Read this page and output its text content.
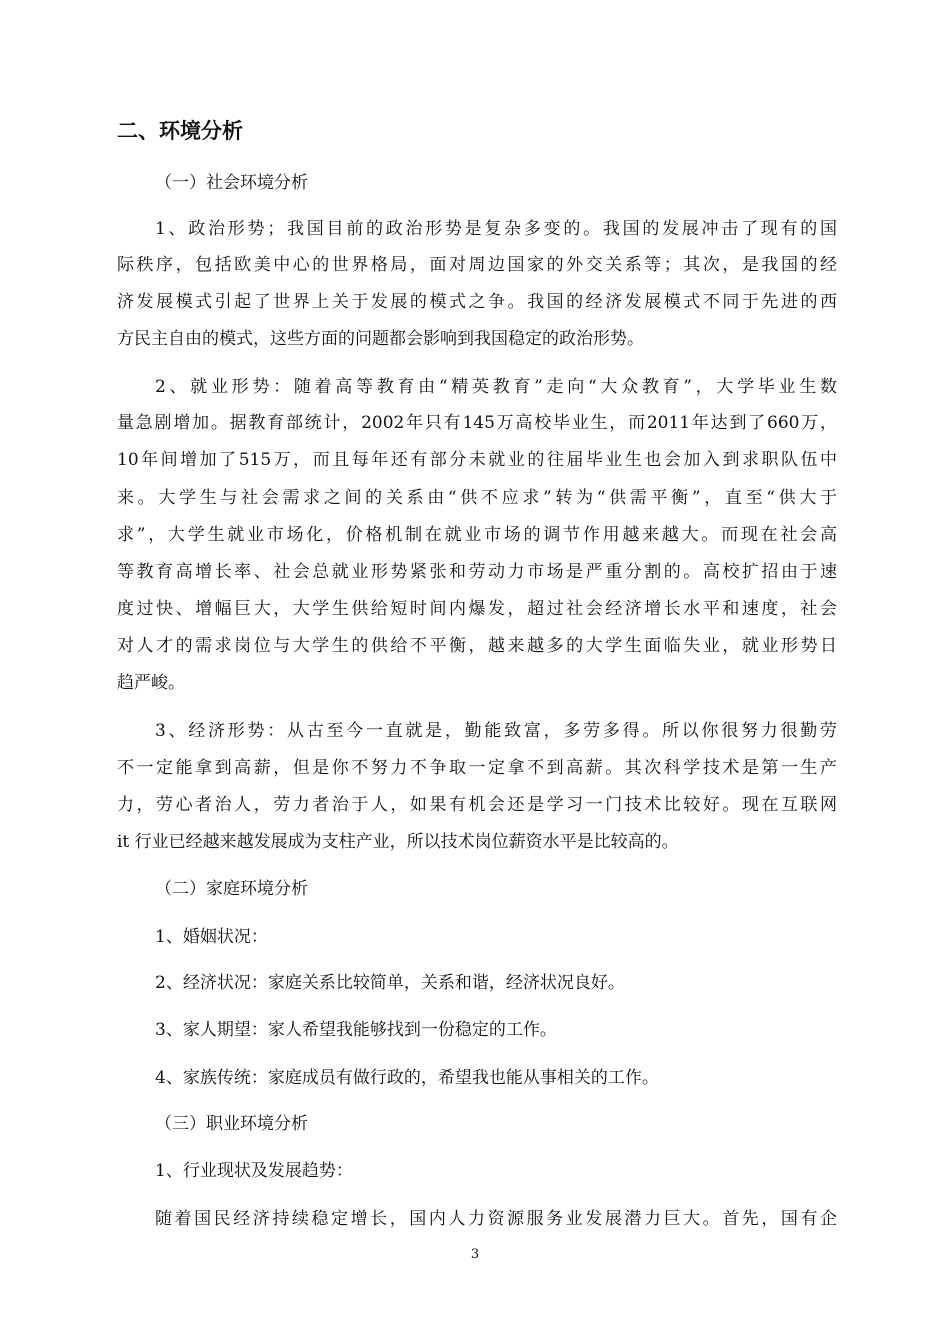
二、环境分析

（一）社会环境分析

1、政治形势；我国目前的政治形势是复杂多变的。我国的发展冲击了现有的国

际秩序，包括欧美中心的世界格局，面对周边国家的外交关系等；其次，是我国的经

济发展模式引起了世界上关于发展的模式之争。我国的经济发展模式不同于先进的西

方民主自由的模式，这些方面的问题都会影响到我国稳定的政治形势。

2、就业形势：随着高等教育由“精英教育”走向“大众教育”，大学毕业生数

量急剧增加。据教育部统计，2002年只有145万高校毕业生，而2011年达到了660万，

10年间增加了515万，而且每年还有部分未就业的往届毕业生也会加入到求职队伍中

来。大学生与社会需求之间的关系由“供不应求”转为“供需平衡”，直至“供大于

求”，大学生就业市场化，价格机制在就业市场的调节作用越来越大。而现在社会高

等教育高增长率、社会总就业形势紧张和劳动力市场是严重分割的。高校扩招由于速

度过快、增幅巨大，大学生供给短时间内爆发，超过社会经济增长水平和速度，社会

对人才的需求岗位与大学生的供给不平衡，越来越多的大学生面临失业，就业形势日

趋严峻。

3、经济形势：从古至今一直就是，勤能致富，多劳多得。所以你很努力很勤劳

不一定能拿到高薪，但是你不努力不争取一定拿不到高薪。其次科学技术是第一生产

力，劳心者治人，劳力者治于人，如果有机会还是学习一门技术比较好。现在互联网

it 行业已经越来越发展成为支柱产业，所以技术岗位薪资水平是比较高的。

（二）家庭环境分析

1、婚姻状况：

2、经济状况：家庭关系比较简单，关系和谐，经济状况良好。

3、家人期望：家人希望我能够找到一份稳定的工作。

4、家族传统：家庭成员有做行政的，希望我也能从事相关的工作。

（三）职业环境分析

1、行业现状及发展趋势：

随着国民经济持续稳定增长，国内人力资源服务业发展潜力巨大。首先，国有企

3
